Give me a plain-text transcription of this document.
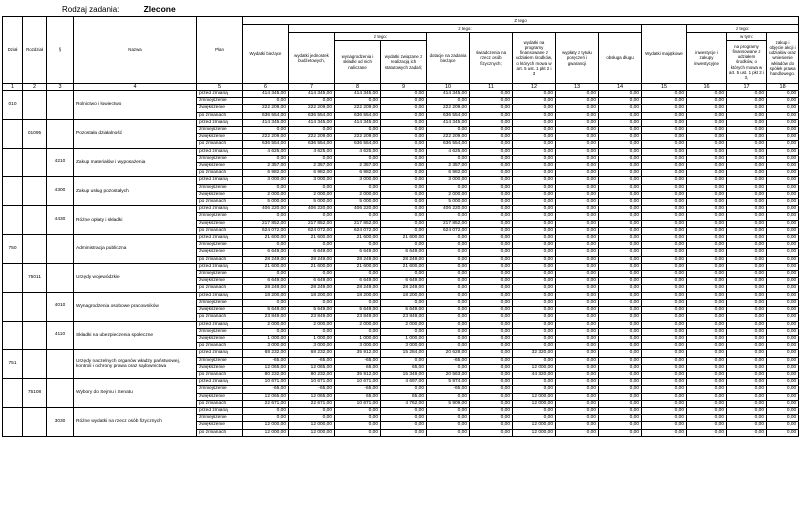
Rodzaj zadania:	Zlecone
Dział	Rozdział	§	Nazwa	Plan	Z tego													
					Wydatki bieżące	z tego:								Wydatki majątkowe	z tego:			
						wydatki jednostek budżetowych,	z tego:		dotacje na zadania bieżące	świadczenia na rzecz osób fizycznych;	wydatki na programy finansowane z udziałem środków, o których mowa w art. 5 ust. 1 pkt 2 i 3	wypłaty z tytułu poręczeń i gwarancji	obsługa długu		inwestycje i zakupy inwestycyjne	w tym:	zakup i objęcie akcji i udziałów oraz wniesienie wkładów do spółek prawa handlowego.	
							wynagrodzenia i składki od nich naliczane	wydatki związane z realizacją ich statutowych zadań;								na programy finansowane z udziałem środków, o których mowa w art. 5 ust. 1 pkt 2 i 3,		
1	2	3	4	5	6	7	8	9	10	11	12	13	14	15	16	17	18	
010			Rolnictwo i łowiectwo	przed zmianą	414 345,00	414 345,00	414 345,00	0,00	414 345,00	0,00	0,00	0,00	0,00	0,00	0,00	0,00	0,00	
				zmniejszenie	0,00	0,00	0,00	0,00	0,00	0,00	0,00	0,00	0,00	0,00	0,00	0,00	0,00	
				zwiększenie	222 209,00	222 209,00	222 209,00	0,00	222 209,00	0,00	0,00	0,00	0,00	0,00	0,00	0,00	0,00	
				po zmianach	636 554,00	636 554,00	636 554,00	0,00	636 554,00	0,00	0,00	0,00	0,00	0,00	0,00	0,00	0,00	
	01095		Pozostała działalność	przed zmianą	414 345,00	414 345,00	414 345,00	0,00	414 345,00	0,00	0,00	0,00	0,00	0,00	0,00	0,00	0,00	
				zmniejszenie	0,00	0,00	0,00	0,00	0,00	0,00	0,00	0,00	0,00	0,00	0,00	0,00	0,00	
				zwiększenie	222 209,00	222 209,00	222 209,00	0,00	222 209,00	0,00	0,00	0,00	0,00	0,00	0,00	0,00	0,00	
				po zmianach	636 554,00	636 554,00	636 554,00	0,00	636 554,00	0,00	0,00	0,00	0,00	0,00	0,00	0,00	0,00	
		4210	Zakup materiałów i wyposażenia	przed zmianą	4 625,00	4 625,00	4 625,00	0,00	4 625,00	0,00	0,00	0,00	0,00	0,00	0,00	0,00	0,00	
				zmniejszenie	0,00	0,00	0,00	0,00	0,00	0,00	0,00	0,00	0,00	0,00	0,00	0,00	0,00	
				zwiększenie	2 357,00	2 357,00	2 357,00	0,00	2 357,00	0,00	0,00	0,00	0,00	0,00	0,00	0,00	0,00	
				po zmianach	6 982,00	6 982,00	6 982,00	0,00	6 982,00	0,00	0,00	0,00	0,00	0,00	0,00	0,00	0,00	
		4300	Zakup usług pozostałych	przed zmianą	3 000,00	3 000,00	3 000,00	0,00	3 000,00	0,00	0,00	0,00	0,00	0,00	0,00	0,00	0,00	
				zmniejszenie	0,00	0,00	0,00	0,00	0,00	0,00	0,00	0,00	0,00	0,00	0,00	0,00	0,00	
				zwiększenie	2 000,00	2 000,00	2 000,00	0,00	2 000,00	0,00	0,00	0,00	0,00	0,00	0,00	0,00	0,00	
				po zmianach	5 000,00	5 000,00	5 000,00	0,00	5 000,00	0,00	0,00	0,00	0,00	0,00	0,00	0,00	0,00	
		4430	Różne opłaty i składki	przed zmianą	406 220,00	406 220,00	406 220,00	0,00	406 220,00	0,00	0,00	0,00	0,00	0,00	0,00	0,00	0,00	
				zmniejszenie	0,00	0,00	0,00	0,00	0,00	0,00	0,00	0,00	0,00	0,00	0,00	0,00	0,00	
				zwiększenie	217 852,00	217 852,00	217 852,00	0,00	217 852,00	0,00	0,00	0,00	0,00	0,00	0,00	0,00	0,00	
				po zmianach	624 072,00	624 072,00	624 072,00	0,00	624 072,00	0,00	0,00	0,00	0,00	0,00	0,00	0,00	0,00	
750			Administracja publiczna	przed zmianą	21 600,00	21 600,00	21 600,00	21 600,00	0,00	0,00	0,00	0,00	0,00	0,00	0,00	0,00	0,00	
				zmniejszenie	0,00	0,00	0,00	0,00	0,00	0,00	0,00	0,00	0,00	0,00	0,00	0,00	0,00	
				zwiększenie	6 649,00	6 649,00	6 649,00	6 649,00	0,00	0,00	0,00	0,00	0,00	0,00	0,00	0,00	0,00	
				po zmianach	28 249,00	28 249,00	28 249,00	28 249,00	0,00	0,00	0,00	0,00	0,00	0,00	0,00	0,00	0,00	
	75011		Urzędy wojewódzkie	przed zmianą	21 600,00	21 600,00	21 600,00	21 600,00	0,00	0,00	0,00	0,00	0,00	0,00	0,00	0,00	0,00	
				zmniejszenie	0,00	0,00	0,00	0,00	0,00	0,00	0,00	0,00	0,00	0,00	0,00	0,00	0,00	
				zwiększenie	6 649,00	6 649,00	6 649,00	6 649,00	0,00	0,00	0,00	0,00	0,00	0,00	0,00	0,00	0,00	
				po zmianach	28 249,00	28 249,00	28 249,00	28 249,00	0,00	0,00	0,00	0,00	0,00	0,00	0,00	0,00	0,00	
		4010	Wynagrodzenia osobowe pracowników	przed zmianą	18 200,00	18 200,00	18 200,00	18 200,00	0,00	0,00	0,00	0,00	0,00	0,00	0,00	0,00	0,00	
				zmniejszenie	0,00	0,00	0,00	0,00	0,00	0,00	0,00	0,00	0,00	0,00	0,00	0,00	0,00	
				zwiększenie	5 649,00	5 649,00	5 649,00	5 649,00	0,00	0,00	0,00	0,00	0,00	0,00	0,00	0,00	0,00	
				po zmianach	23 849,00	23 849,00	23 849,00	23 849,00	0,00	0,00	0,00	0,00	0,00	0,00	0,00	0,00	0,00	
		4110	Składki na ubezpieczenia społeczne	przed zmianą	2 000,00	2 000,00	2 000,00	2 000,00	0,00	0,00	0,00	0,00	0,00	0,00	0,00	0,00	0,00	
				zmniejszenie	0,00	0,00	0,00	0,00	0,00	0,00	0,00	0,00	0,00	0,00	0,00	0,00	0,00	
				zwiększenie	1 000,00	1 000,00	1 000,00	1 000,00	0,00	0,00	0,00	0,00	0,00	0,00	0,00	0,00	0,00	
				po zmianach	3 000,00	3 000,00	3 000,00	3 000,00	0,00	0,00	0,00	0,00	0,00	0,00	0,00	0,00	0,00	
751			Urzędy naczelnych organów władzy państwowej, kontroli i ochrony prawa oraz sądownictwa	przed zmianą	68 232,00	68 232,00	35 912,00	15 284,00	20 628,00	0,00	32 320,00	0,00	0,00	0,00	0,00	0,00	0,00	
				zmniejszenie	-65,00	-65,00	-65,00	0,00	-65,00	0,00	0,00	0,00	0,00	0,00	0,00	0,00	0,00	
				zwiększenie	12 065,00	12 065,00	65,00	65,00	0,00	0,00	12 000,00	0,00	0,00	0,00	0,00	0,00	0,00	
				po zmianach	80 232,00	80 232,00	35 912,00	15 349,00	20 563,00	0,00	44 320,00	0,00	0,00	0,00	0,00	0,00	0,00	
	75108		Wybory do Sejmu i Senatu	przed zmianą	10 671,00	10 671,00	10 671,00	4 697,00	5 974,00	0,00	0,00	0,00	0,00	0,00	0,00	0,00	0,00	
				zmniejszenie	-65,00	-65,00	-65,00	0,00	-65,00	0,00	0,00	0,00	0,00	0,00	0,00	0,00	0,00	
				zwiększenie	12 065,00	12 065,00	65,00	65,00	0,00	0,00	12 000,00	0,00	0,00	0,00	0,00	0,00	0,00	
				po zmianach	22 671,00	22 671,00	10 671,00	4 762,00	5 909,00	0,00	12 000,00	0,00	0,00	0,00	0,00	0,00	0,00	
		3030	Różne wydatki na rzecz osób fizycznych	przed zmianą	0,00	0,00	0,00	0,00	0,00	0,00	0,00	0,00	0,00	0,00	0,00	0,00	0,00	
				zmniejszenie	0,00	0,00	0,00	0,00	0,00	0,00	0,00	0,00	0,00	0,00	0,00	0,00	0,00	
				zwiększenie	12 000,00	12 000,00	0,00	0,00	0,00	0,00	12 000,00	0,00	0,00	0,00	0,00	0,00	0,00	
				po zmianach	12 000,00	12 000,00	0,00	0,00	0,00	0,00	12 000,00	0,00	0,00	0,00	0,00	0,00	0,00	
